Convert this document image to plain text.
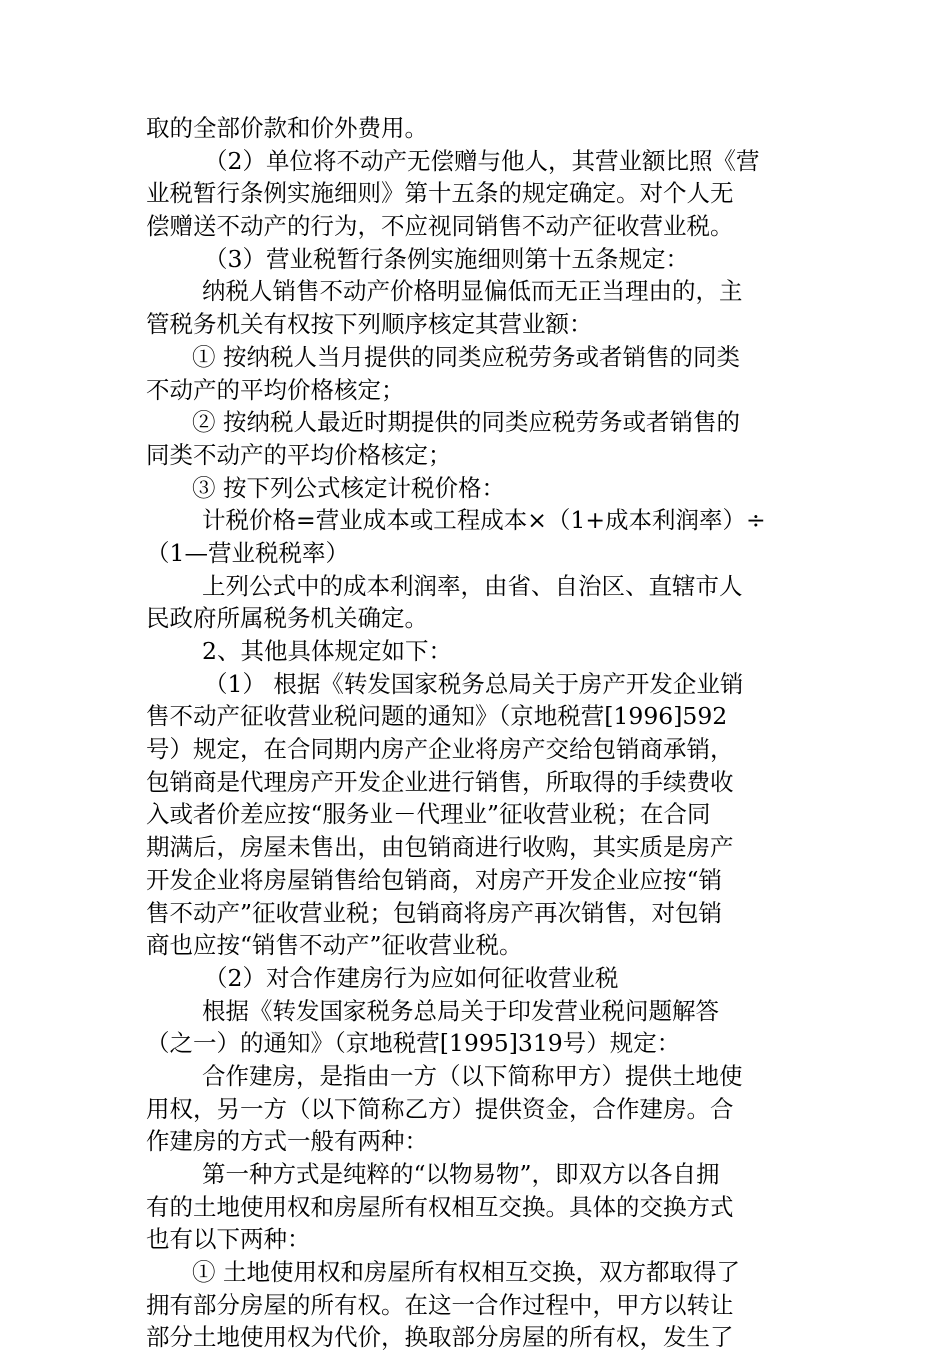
取的全部价款和价外费用。
（2）单位将不动产无偿赠与他人，其营业额比照《营
业税暂行条例实施细则》第十五条的规定确定。对个人无
偿赠送不动产的行为，不应视同销售不动产征收营业税。
（3）营业税暂行条例实施细则第十五条规定：
纳税人销售不动产价格明显偏低而无正当理由的，主
管税务机关有权按下列顺序核定其营业额：
① 按纳税人当月提供的同类应税劳务或者销售的同类
不动产的平均价格核定；
② 按纳税人最近时期提供的同类应税劳务或者销售的
同类不动产的平均价格核定；
③ 按下列公式核定计税价格：
计税价格=营业成本或工程成本×（1+成本利润率）÷
（1—营业税税率）
上列公式中的成本利润率，由省、自治区、直辖市人
民政府所属税务机关确定。
2、其他具体规定如下：
（1） 根据《转发国家税务总局关于房产开发企业销
售不动产征收营业税问题的通知》（京地税营[1996]592
号）规定，在合同期内房产企业将房产交给包销商承销，
包销商是代理房产开发企业进行销售，所取得的手续费收
入或者价差应按“服务业－代理业”征收营业税；在合同
期满后，房屋未售出，由包销商进行收购，其实质是房产
开发企业将房屋销售给包销商，对房产开发企业应按“销
售不动产”征收营业税；包销商将房产再次销售，对包销
商也应按“销售不动产”征收营业税。
（2）对合作建房行为应如何征收营业税
根据《转发国家税务总局关于印发营业税问题解答
（之一）的通知》（京地税营[1995]319号）规定：
合作建房，是指由一方（以下简称甲方）提供土地使
用权，另一方（以下简称乙方）提供资金，合作建房。合
作建房的方式一般有两种：
第一种方式是纯粹的“以物易物”，即双方以各自拥
有的土地使用权和房屋所有权相互交换。具体的交换方式
也有以下两种：
① 土地使用权和房屋所有权相互交换，双方都取得了
拥有部分房屋的所有权。在这一合作过程中，甲方以转让
部分土地使用权为代价，换取部分房屋的所有权，发生了
